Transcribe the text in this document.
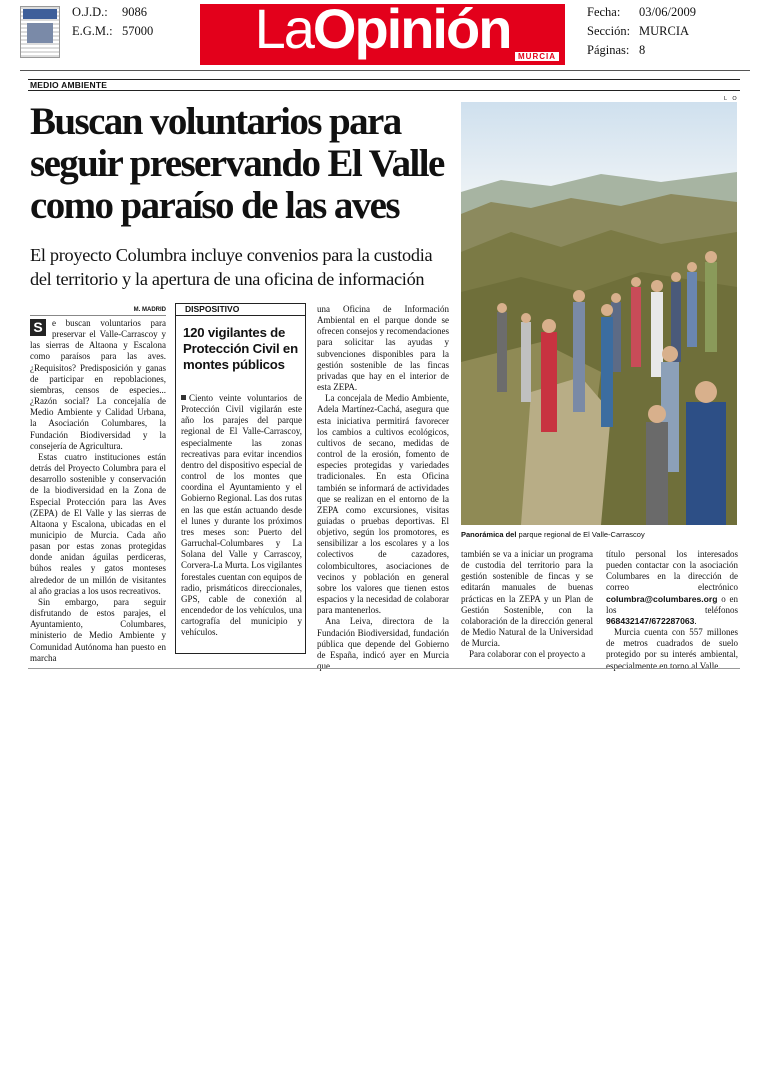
O.J.D.:	9086
E.G.M.: 57000	LaOpinión MURCIA
Fecha:	03/06/2009
Sección: MURCIA
Páginas: 8
MEDIO AMBIENTE
L O
Buscan voluntarios para seguir preservando El Valle como paraíso de las aves
El proyecto Columbra incluye convenios para la custodia del territorio y la apertura de una oficina de información
Panorámica del parque regional de El Valle-Carrascoy
M. MADRID

S	e buscan voluntarios para preservar el Valle-Carrascoy y las sierras de Altaona y Escalona como paraísos para las aves. ¿Requisitos? Predisposición y ganas de participar en repoblaciones, siembras, censos de especies... ¿Razón social? La concejalía de Medio Ambiente y Calidad Urbana, la Asociación Columbares, la Fundación Biodiversidad y la consejería de Agricultura.

Estas cuatro instituciones están detrás del Proyecto Columbra para el desarrollo sostenible y conservación de la biodiversidad en la Zona de Especial Protección para las Aves (ZEPA) de El Valle y las sierras de Altaona y Escalona, ubicadas en el municipio de Murcia. Cada año pasan por estas zonas protegidas donde anidan águilas perdiceras, búhos reales y gatos monteses alrededor de un millón de visitantes al año gracias a los usos recreativos.

Sin embargo, para seguir disfrutando de estos parajes, el Ayuntamiento, Columbares, ministerio de Medio Ambiente y Comunidad Autónoma han puesto en marcha

DISPOSITIVO
120 vigilantes de Protección Civil en montes públicos

Ciento veinte voluntarios de Protección Civil vigilarán este año los parajes del parque regional de El Valle-Carrascoy, especialmente las zonas recreativas para evitar incendios dentro del dispositivo especial de control de los montes que coordina el Ayuntamiento y el Gobierno Regional. Las dos rutas en las que están actuando desde el lunes y durante los próximos tres meses son: Puerto del Garruchal-Columbares y La Solana del Valle y Carrascoy, Corvera-La Murta. Los vigilantes forestales cuentan con equipos de radio, prismáticos direccionales, GPS, cable de conexión al encendedor de los vehículos, una cartografía del municipio y vehículos.

una Oficina de Información Ambiental en el parque donde se ofrecen consejos y recomendaciones para solicitar las ayudas y subvenciones disponibles para la gestión sostenible de las fincas privadas que hay en el interior de esta ZEPA.

La concejala de Medio Ambiente, Adela Martínez-Cachá, asegura que esta iniciativa permitirá favorecer los cambios a cultivos ecológicos, cultivos de secano, medidas de control de la erosión, fomento de especies protegidas y variedades tradicionales. En esta Oficina también se informará de actividades que se realizan en el entorno de la ZEPA como excursiones, visitas guiadas o pruebas deportivas. El objetivo, según los promotores, es sensibilizar a los escolares y a los colectivos de cazadores, colombicultores, asociaciones de vecinos y población en general sobre los valores que tienen estos espacios y la necesidad de colaborar para mantenerlos.

Ana Leiva, directora de la Fundación Biodiversidad, fundación pública que depende del Gobierno de España, indicó ayer en Murcia que

también se va a iniciar un programa de custodia del territorio para la gestión sostenible de fincas y se editarán manuales de buenas prácticas en la ZEPA y un Plan de Gestión Sostenible, con la colaboración de la dirección general de Medio Natural de la Universidad de Murcia.

Para colaborar con el proyecto a

título personal los interesados pueden contactar con la asociación Columbares en la dirección de correo electrónico columbra@columbares.org o en los teléfonos 968432147/672287063.

Murcia cuenta con 557 millones de metros cuadrados de suelo protegido por su interés ambiental, especialmente en torno al Valle.
